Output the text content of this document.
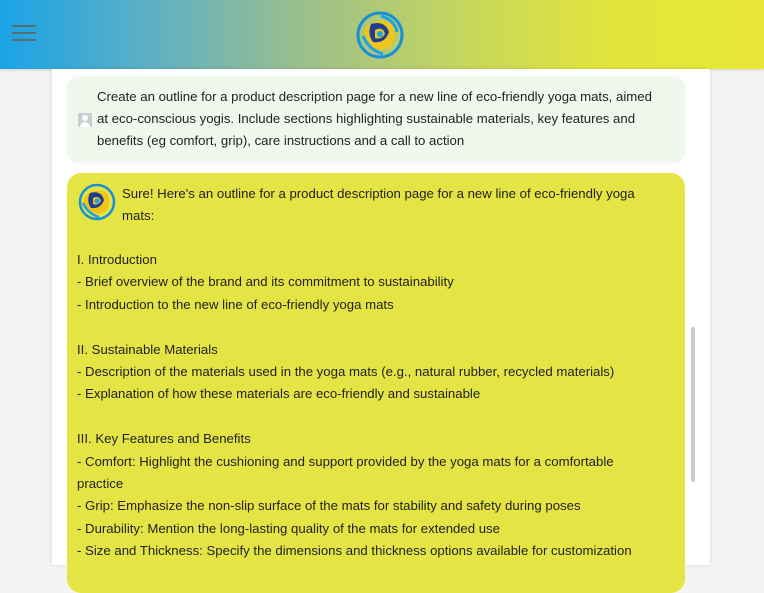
Create an outline for a product description page for a new line of eco-friendly yoga mats, aimed
at eco-conscious yogis. Include sections highlighting sustainable materials, key features and
benefits (eg comfort, grip), care instructions and a call to action

Sure! Here's an outline for a product description page for a new line of eco-friendly yoga
mats:

I. Introduction
- Brief overview of the brand and its commitment to sustainability
- Introduction to the new line of eco-friendly yoga mats
II. Sustainable Materials
- Description of the materials used in the yoga mats (e.g., natural rubber, recycled materials)
- Explanation of how these materials are eco-friendly and sustainable
III. Key Features and Benefits
- Comfort: Highlight the cushioning and support provided by the yoga mats for a comfortable
practice
- Grip: Emphasize the non-slip surface of the mats for stability and safety during poses
- Durability: Mention the long-lasting quality of the mats for extended use
- Size and Thickness: Specify the dimensions and thickness options available for customization
